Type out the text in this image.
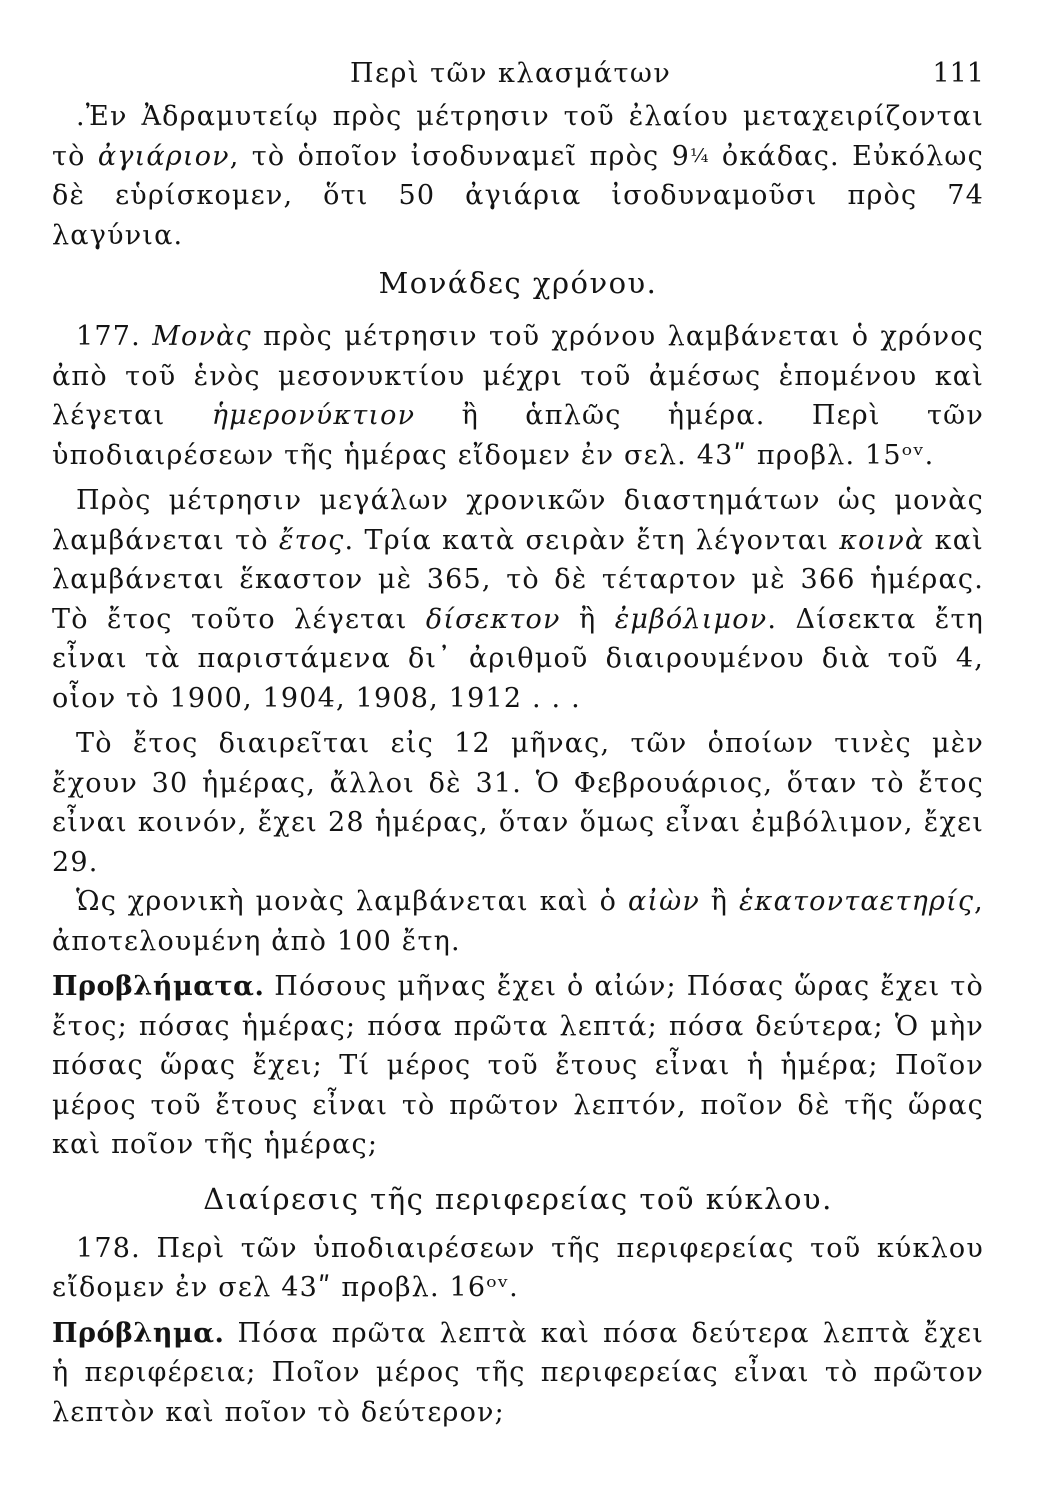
Περὶ τῶν κλασμάτων	111

.Ἐν Ἀδραμυτείῳ πρὸς μέτρησιν τοῦ ἐλαίου μεταχειρίζονται τὸ ἀγιάριον, τὸ ὁποῖον ἰσοδυναμεῖ πρὸς 9¼ ὀκάδας. Εὐκόλως δὲ εὑρίσκομεν, ὅτι 50 ἀγιάρια ἰσοδυναμοῦσι πρὸς 74 λαγύνια.

Μονάδες χρόνου.

177. Μονὰς πρὸς μέτρησιν τοῦ χρόνου λαμβάνεται ὁ χρόνος ἀπὸ τοῦ ἑνὸς μεσονυκτίου μέχρι τοῦ ἀμέσως ἑπομένου καὶ λέγεται ἡμερονύκτιον ἢ ἁπλῶς ἡμέρα. Περὶ τῶν ὑποδιαιρέσεων τῆς ἡμέρας εἴδομεν ἐν σελ. 43ʺ προβλ. 15ᵒᵛ.

Πρὸς μέτρησιν μεγάλων χρονικῶν διαστημάτων ὡς μονὰς λαμβάνεται τὸ ἔτος. Τρία κατὰ σειρὰν ἔτη λέγονται κοινὰ καὶ λαμβάνεται ἕκαστον μὲ 365, τὸ δὲ τέταρτον μὲ 366 ἡμέρας. Τὸ ἔτος τοῦτο λέγεται δίσεκτον ἢ ἐμβόλιμον. Δίσεκτα ἔτη εἶναι τὰ παριστάμενα δι᾽ ἀριθμοῦ διαιρουμένου διὰ τοῦ 4, οἷον τὸ 1900, 1904, 1908, 1912 . . .

Τὸ ἔτος διαιρεῖται εἰς 12 μῆνας, τῶν ὁποίων τινὲς μὲν ἔχουν 30 ἡμέρας, ἄλλοι δὲ 31. Ὁ Φεβρουάριος, ὅταν τὸ ἔτος εἶναι κοινόν, ἔχει 28 ἡμέρας, ὅταν ὅμως εἶναι ἐμβόλιμον, ἔχει 29.

Ὡς χρονικὴ μονὰς λαμβάνεται καὶ ὁ αἰὼν ἢ ἑκατονταετηρίς, ἀποτελουμένη ἀπὸ 100 ἔτη.

Προβλήματα. Πόσους μῆνας ἔχει ὁ αἰών; Πόσας ὥρας ἔχει τὸ ἔτος; πόσας ἡμέρας; πόσα πρῶτα λεπτά; πόσα δεύτερα; Ὁ μὴν πόσας ὥρας ἔχει; Τί μέρος τοῦ ἔτους εἶναι ἡ ἡμέρα; Ποῖον μέρος τοῦ ἔτους εἶναι τὸ πρῶτον λεπτόν, ποῖον δὲ τῆς ὥρας καὶ ποῖον τῆς ἡμέρας;

Διαίρεσις τῆς περιφερείας τοῦ κύκλου.

178. Περὶ τῶν ὑποδιαιρέσεων τῆς περιφερείας τοῦ κύκλου εἴδομεν ἐν σελ 43ʺ προβλ. 16ᵒᵛ.

Πρόβλημα. Πόσα πρῶτα λεπτὰ καὶ πόσα δεύτερα λεπτὰ ἔχει ἡ περιφέρεια; Ποῖον μέρος τῆς περιφερείας εἶναι τὸ πρῶτον λεπτὸν καὶ ποῖον τὸ δεύτερον;
